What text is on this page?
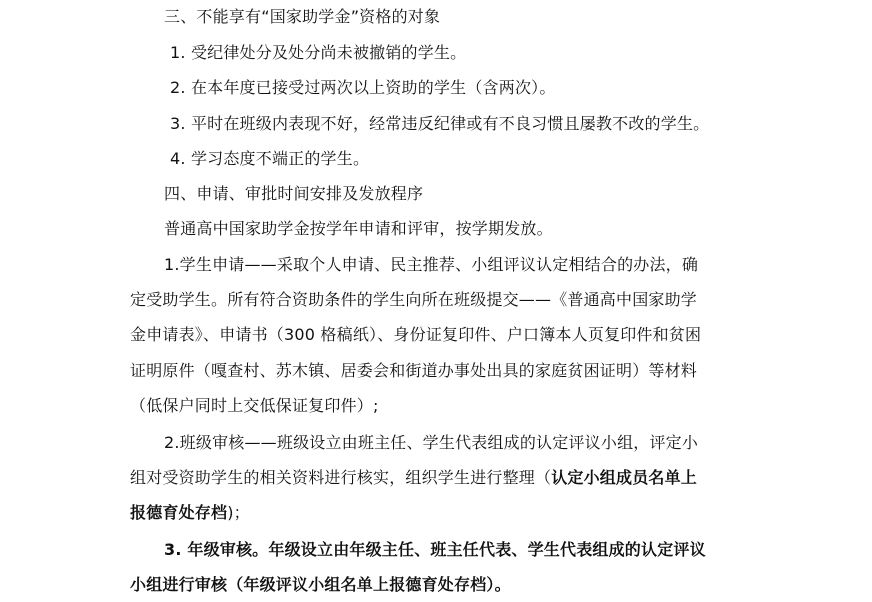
三、不能享有“国家助学金”资格的对象
1. 受纪律处分及处分尚未被撤销的学生。
2. 在本年度已接受过两次以上资助的学生（含两次）。
3. 平时在班级内表现不好，经常违反纪律或有不良习惯且屡教不改的学生。
4. 学习态度不端正的学生。
四、申请、审批时间安排及发放程序
普通高中国家助学金按学年申请和评审，按学期发放。
1.学生申请——采取个人申请、民主推荐、小组评议认定相结合的办法，确
定受助学生。所有符合资助条件的学生向所在班级提交——《普通高中国家助学
金申请表》、申请书（300 格稿纸）、身份证复印件、户口簿本人页复印件和贫困
证明原件（嘎查村、苏木镇、居委会和街道办事处出具的家庭贫困证明）等材料
（低保户同时上交低保证复印件）;
2.班级审核——班级设立由班主任、学生代表组成的认定评议小组，评定小
组对受资助学生的相关资料进行核实，组织学生进行整理（认定小组成员名单上
报德育处存档)；
3. 年级审核。年级设立由年级主任、班主任代表、学生代表组成的认定评议
小组进行审核（年级评议小组名单上报德育处存档）。
